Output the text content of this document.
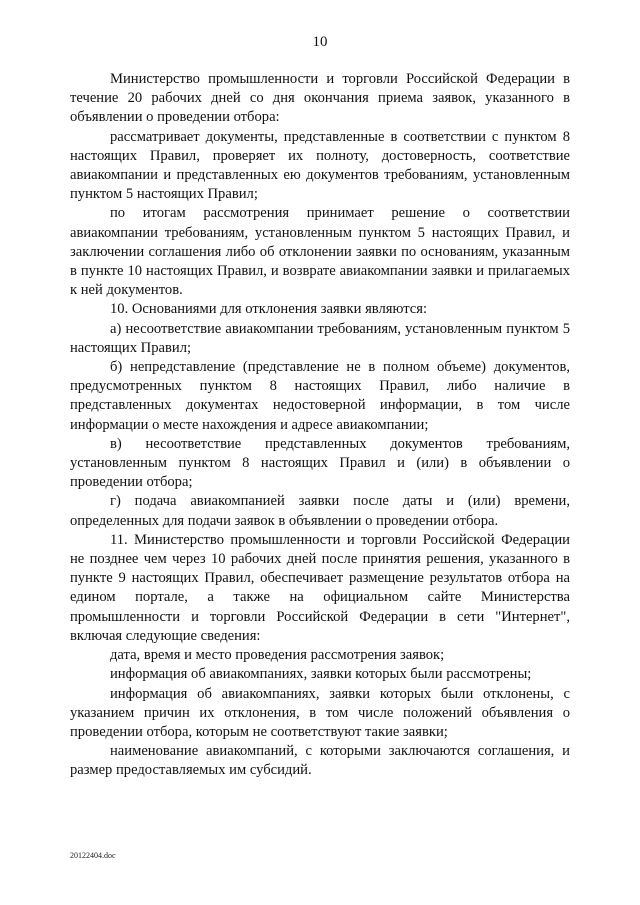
10

Министерство промышленности и торговли Российской Федерации в течение 20 рабочих дней со дня окончания приема заявок, указанного в объявлении о проведении отбора:

рассматривает документы, представленные в соответствии с пунктом 8 настоящих Правил, проверяет их полноту, достоверность, соответствие авиакомпании и представленных ею документов требованиям, установленным пунктом 5 настоящих Правил;

по итогам рассмотрения принимает решение о соответствии авиакомпании требованиям, установленным пунктом 5 настоящих Правил, и заключении соглашения либо об отклонении заявки по основаниям, указанным в пункте 10 настоящих Правил, и возврате авиакомпании заявки и прилагаемых к ней документов.

10. Основаниями для отклонения заявки являются:

а) несоответствие авиакомпании требованиям, установленным пунктом 5 настоящих Правил;

б) непредставление (представление не в полном объеме) документов, предусмотренных пунктом 8 настоящих Правил, либо наличие в представленных документах недостоверной информации, в том числе информации о месте нахождения и адресе авиакомпании;

в) несоответствие представленных документов требованиям, установленным пунктом 8 настоящих Правил и (или) в объявлении о проведении отбора;

г) подача авиакомпанией заявки после даты и (или) времени, определенных для подачи заявок в объявлении о проведении отбора.

11. Министерство промышленности и торговли Российской Федерации не позднее чем через 10 рабочих дней после принятия решения, указанного в пункте 9 настоящих Правил, обеспечивает размещение результатов отбора на едином портале, а также на официальном сайте Министерства промышленности и торговли Российской Федерации в сети "Интернет", включая следующие сведения:

дата, время и место проведения рассмотрения заявок;

информация об авиакомпаниях, заявки которых были рассмотрены;

информация об авиакомпаниях, заявки которых были отклонены, с указанием причин их отклонения, в том числе положений объявления о проведении отбора, которым не соответствуют такие заявки;

наименование авиакомпаний, с которыми заключаются соглашения, и размер предоставляемых им субсидий.

20122404.doc
